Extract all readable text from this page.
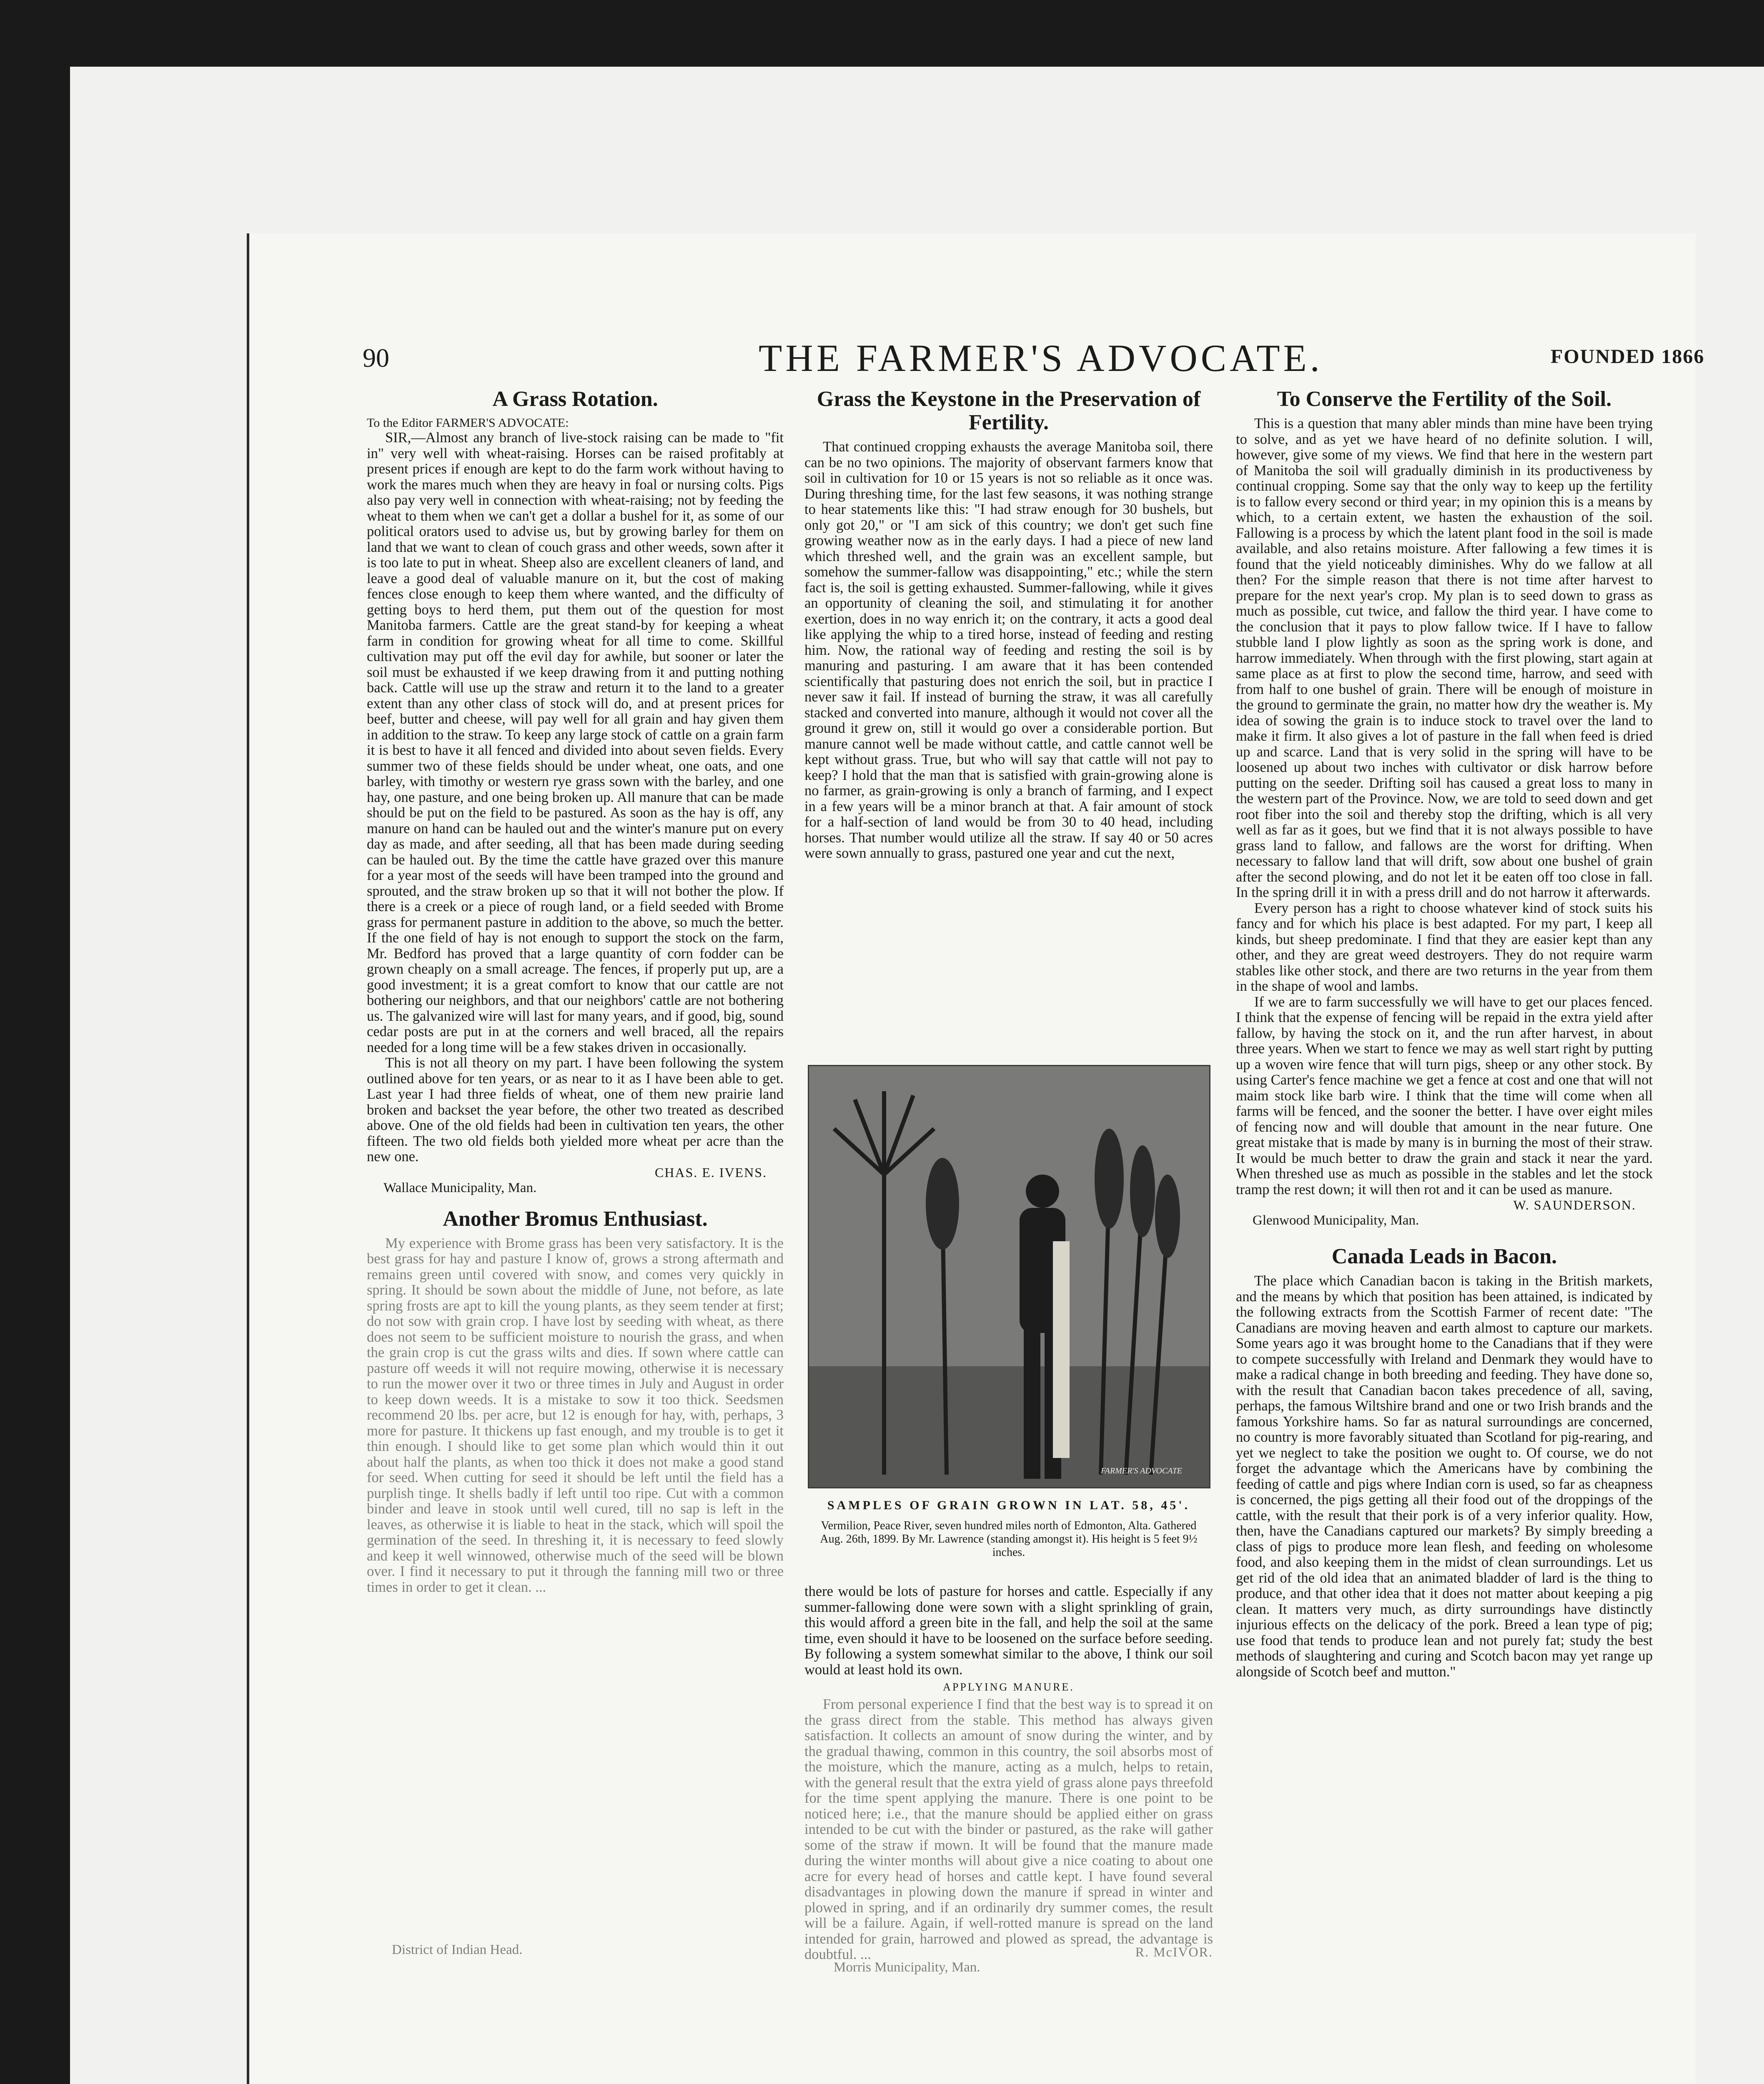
90	THE FARMER'S ADVOCATE.	FOUNDED 1866
A Grass Rotation.

To the Editor FARMER'S ADVOCATE:

SIR,—Almost any branch of live-stock raising can be made to "fit in" very well with wheat-raising. Horses can be raised profitably at present prices if enough are kept to do the farm work without having to work the mares much when they are heavy in foal or nursing colts. Pigs also pay very well in connection with wheat-raising; not by feeding the wheat to them when we can't get a dollar a bushel for it, as some of our political orators used to advise us, but by growing barley for them on land that we want to clean of couch grass and other weeds, sown after it is too late to put in wheat. Sheep also are excellent cleaners of land, and leave a good deal of valuable manure on it, but the cost of making fences close enough to keep them where wanted, and the difficulty of getting boys to herd them, put them out of the question for most Manitoba farmers. Cattle are the great stand-by for keeping a wheat farm in condition for growing wheat for all time to come. Skillful cultivation may put off the evil day for awhile, but sooner or later the soil must be exhausted if we keep drawing from it and putting nothing back. Cattle will use up the straw and return it to the land to a greater extent than any other class of stock will do, and at present prices for beef, butter and cheese, will pay well for all grain and hay given them in addition to the straw. To keep any large stock of cattle on a grain farm it is best to have it all fenced and divided into about seven fields. Every summer two of these fields should be under wheat, one oats, and one barley, with timothy or western rye grass sown with the barley, and one hay, one pasture, and one being broken up. All manure that can be made should be put on the field to be pastured. As soon as the hay is off, any manure on hand can be hauled out and the winter's manure put on every day as made, and after seeding, all that has been made during seeding can be hauled out. By the time the cattle have grazed over this manure for a year most of the seeds will have been tramped into the ground and sprouted, and the straw broken up so that it will not bother the plow. If there is a creek or a piece of rough land, or a field seeded with Brome grass for permanent pasture in addition to the above, so much the better. If the one field of hay is not enough to support the stock on the farm, Mr. Bedford has proved that a large quantity of corn fodder can be grown cheaply on a small acreage. The fences, if properly put up, are a good investment; it is a great comfort to know that our cattle are not bothering our neighbors, and that our neighbors' cattle are not bothering us. The galvanized wire will last for many years, and if good, big, sound cedar posts are put in at the corners and well braced, all the repairs needed for a long time will be a few stakes driven in occasionally.

This is not all theory on my part. I have been following the system outlined above for ten years, or as near to it as I have been able to get. Last year I had three fields of wheat, one of them new prairie land broken and backset the year before, the other two treated as described above. One of the old fields had been in cultivation ten years, the other fifteen. The two old fields both yielded more wheat per acre than the new one.

CHAS. E. IVENS.

Wallace Municipality, Man.

Another Bromus Enthusiast.

My experience with Brome grass has been very satisfactory. It is the best grass for hay and pasture I know of, grows a strong aftermath and remains green until covered with snow, and comes very quickly in spring. It should be sown about the middle of June, not before, as late spring frosts are apt to kill the young plants, as they seem tender at first; do not sow with grain crop. I have lost by seeding with wheat, as there does not seem to be sufficient moisture to nourish the grass, and when the grain crop is cut the grass wilts and dies. If sown where cattle can pasture off weeds it will not require mowing, otherwise it is necessary to run the mower over it two or three times in July and August in order to keep down weeds. It is a mistake to sow it too thick. Seedsmen recommend 20 lbs. per acre, but 12 is enough for hay, with, perhaps, 3 more for pasture. It thickens up fast enough, and my trouble is to get it thin enough. I should like to get some plan which would thin it out about half the plants, as when too thick it does not make a good stand for seed. When cutting for seed it should be left until the field has a purplish tinge. It shells badly if left until too ripe. Cut with a common binder and leave in stook until well cured, till no sap is left in the leaves, as otherwise it is liable to heat in the stack, which will spoil the germination of the seed. In threshing it, it is necessary to feed slowly and keep it well winnowed, otherwise much of the seed will be blown over. I find it necessary to put it through the fanning mill two or three times in order to get it clean. ...

District of Indian Head.
Grass the Keystone in the Preservation of Fertility.

That continued cropping exhausts the average Manitoba soil, there can be no two opinions. The majority of observant farmers know that soil in cultivation for 10 or 15 years is not so reliable as it once was. During threshing time, for the last few seasons, it was nothing strange to hear statements like this: "I had straw enough for 30 bushels, but only got 20," or "I am sick of this country; we don't get such fine growing weather now as in the early days. I had a piece of new land which threshed well, and the grain was an excellent sample, but somehow the summer-fallow was disappointing," etc.; while the stern fact is, the soil is getting exhausted. Summer-fallowing, while it gives an opportunity of cleaning the soil, and stimulating it for another exertion, does in no way enrich it; on the contrary, it acts a good deal like applying the whip to a tired horse, instead of feeding and resting him. Now, the rational way of feeding and resting the soil is by manuring and pasturing. I am aware that it has been contended scientifically that pasturing does not enrich the soil, but in practice I never saw it fail. If instead of burning the straw, it was all carefully stacked and converted into manure, although it would not cover all the ground it grew on, still it would go over a considerable portion. But manure cannot well be made without cattle, and cattle cannot well be kept without grass. True, but who will say that cattle will not pay to keep? I hold that the man that is satisfied with grain-growing alone is no farmer, as grain-growing is only a branch of farming, and I expect in a few years will be a minor branch at that. A fair amount of stock for a half-section of land would be from 30 to 40 head, including horses. That number would utilize all the straw. If say 40 or 50 acres were sown annually to grass, pastured one year and cut the next,

FARMER'S ADVOCATE
SAMPLES OF GRAIN GROWN IN LAT. 58, 45'.
Vermilion, Peace River, seven hundred miles north of Edmonton, Alta. Gathered Aug. 26th, 1899. By Mr. Lawrence (standing amongst it). His height is 5 feet 9½ inches.

there would be lots of pasture for horses and cattle. Especially if any summer-fallowing done were sown with a slight sprinkling of grain, this would afford a green bite in the fall, and help the soil at the same time, even should it have to be loosened on the surface before seeding. By following a system somewhat similar to the above, I think our soil would at least hold its own.

APPLYING MANURE.

From personal experience I find that the best way is to spread it on the grass direct from the stable. This method has always given satisfaction. It collects an amount of snow during the winter, and by the gradual thawing, common in this country, the soil absorbs most of the moisture, which the manure, acting as a mulch, helps to retain, with the general result that the extra yield of grass alone pays threefold for the time spent applying the manure. There is one point to be noticed here; i.e., that the manure should be applied either on grass intended to be cut with the binder or pastured, as the rake will gather some of the straw if mown. It will be found that the manure made during the winter months will about give a nice coating to about one acre for every head of horses and cattle kept. I have found several disadvantages in plowing down the manure if spread in winter and plowed in spring, and if an ordinarily dry summer comes, the result will be a failure. Again, if well-rotted manure is spread on the land intended for grain, harrowed and plowed as spread, the advantage is doubtful. ...	R. McIVOR.
Morris Municipality, Man.
To Conserve the Fertility of the Soil.

This is a question that many abler minds than mine have been trying to solve, and as yet we have heard of no definite solution. I will, however, give some of my views. We find that here in the western part of Manitoba the soil will gradually diminish in its productiveness by continual cropping. Some say that the only way to keep up the fertility is to fallow every second or third year; in my opinion this is a means by which, to a certain extent, we hasten the exhaustion of the soil. Fallowing is a process by which the latent plant food in the soil is made available, and also retains moisture. After fallowing a few times it is found that the yield noticeably diminishes. Why do we fallow at all then? For the simple reason that there is not time after harvest to prepare for the next year's crop. My plan is to seed down to grass as much as possible, cut twice, and fallow the third year. I have come to the conclusion that it pays to plow fallow twice. If I have to fallow stubble land I plow lightly as soon as the spring work is done, and harrow immediately. When through with the first plowing, start again at same place as at first to plow the second time, harrow, and seed with from half to one bushel of grain. There will be enough of moisture in the ground to germinate the grain, no matter how dry the weather is. My idea of sowing the grain is to induce stock to travel over the land to make it firm. It also gives a lot of pasture in the fall when feed is dried up and scarce. Land that is very solid in the spring will have to be loosened up about two inches with cultivator or disk harrow before putting on the seeder. Drifting soil has caused a great loss to many in the western part of the Province. Now, we are told to seed down and get root fiber into the soil and thereby stop the drifting, which is all very well as far as it goes, but we find that it is not always possible to have grass land to fallow, and fallows are the worst for drifting. When necessary to fallow land that will drift, sow about one bushel of grain after the second plowing, and do not let it be eaten off too close in fall. In the spring drill it in with a press drill and do not harrow it afterwards.

Every person has a right to choose whatever kind of stock suits his fancy and for which his place is best adapted. For my part, I keep all kinds, but sheep predominate. I find that they are easier kept than any other, and they are great weed destroyers. They do not require warm stables like other stock, and there are two returns in the year from them in the shape of wool and lambs.

If we are to farm successfully we will have to get our places fenced. I think that the expense of fencing will be repaid in the extra yield after fallow, by having the stock on it, and the run after harvest, in about three years. When we start to fence we may as well start right by putting up a woven wire fence that will turn pigs, sheep or any other stock. By using Carter's fence machine we get a fence at cost and one that will not maim stock like barb wire. I think that the time will come when all farms will be fenced, and the sooner the better. I have over eight miles of fencing now and will double that amount in the near future. One great mistake that is made by many is in burning the most of their straw. It would be much better to draw the grain and stack it near the yard. When threshed use as much as possible in the stables and let the stock tramp the rest down; it will then rot and it can be used as manure.

W. SAUNDERSON.

Glenwood Municipality, Man.

Canada Leads in Bacon.

The place which Canadian bacon is taking in the British markets, and the means by which that position has been attained, is indicated by the following extracts from the Scottish Farmer of recent date: "The Canadians are moving heaven and earth almost to capture our markets. Some years ago it was brought home to the Canadians that if they were to compete successfully with Ireland and Denmark they would have to make a radical change in both breeding and feeding. They have done so, with the result that Canadian bacon takes precedence of all, saving, perhaps, the famous Wiltshire brand and one or two Irish brands and the famous Yorkshire hams. So far as natural surroundings are concerned, no country is more favorably situated than Scotland for pig-rearing, and yet we neglect to take the position we ought to. Of course, we do not forget the advantage which the Americans have by combining the feeding of cattle and pigs where Indian corn is used, so far as cheapness is concerned, the pigs getting all their food out of the droppings of the cattle, with the result that their pork is of a very inferior quality. How, then, have the Canadians captured our markets? By simply breeding a class of pigs to produce more lean flesh, and feeding on wholesome food, and also keeping them in the midst of clean surroundings. Let us get rid of the old idea that an animated bladder of lard is the thing to produce, and that other idea that it does not matter about keeping a pig clean. It matters very much, as dirty surroundings have distinctly injurious effects on the delicacy of the pork. Breed a lean type of pig; use food that tends to produce lean and not purely fat; study the best methods of slaughtering and curing and Scotch bacon may yet range up alongside of Scotch beef and mutton."
